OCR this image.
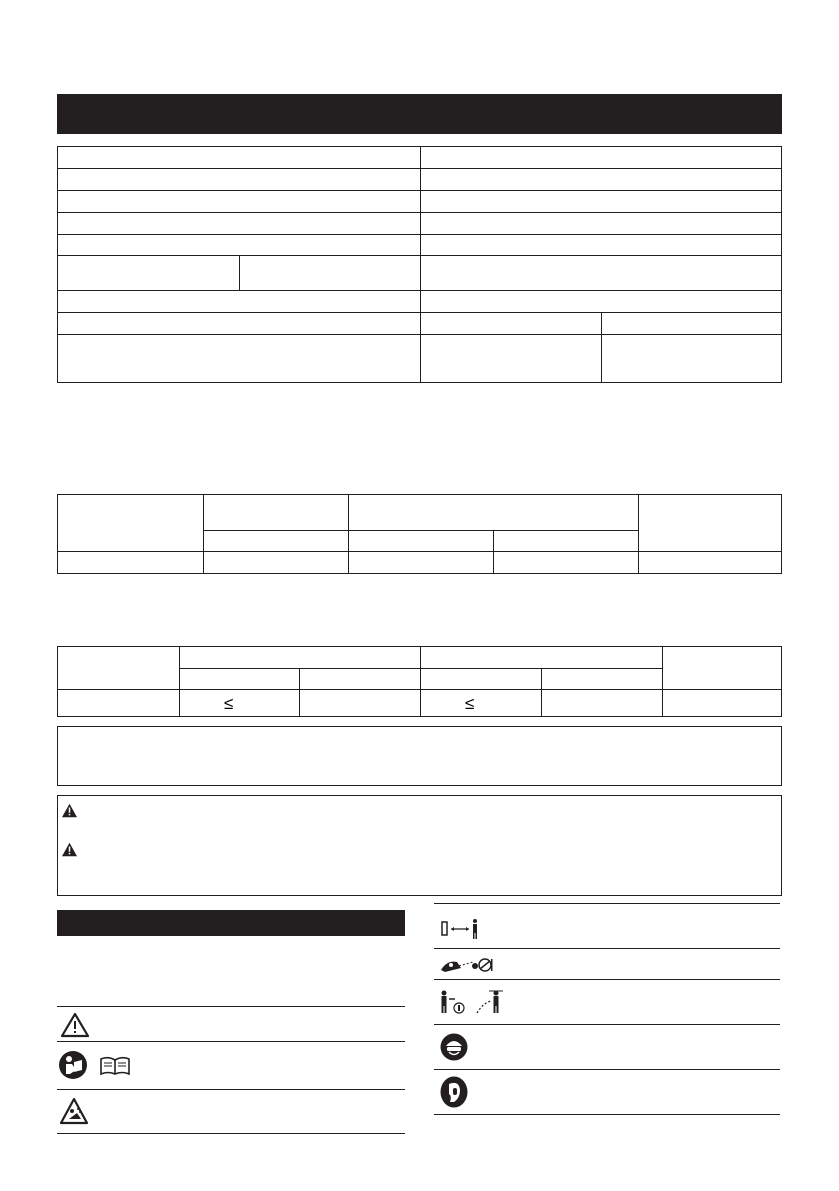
≤	≤
